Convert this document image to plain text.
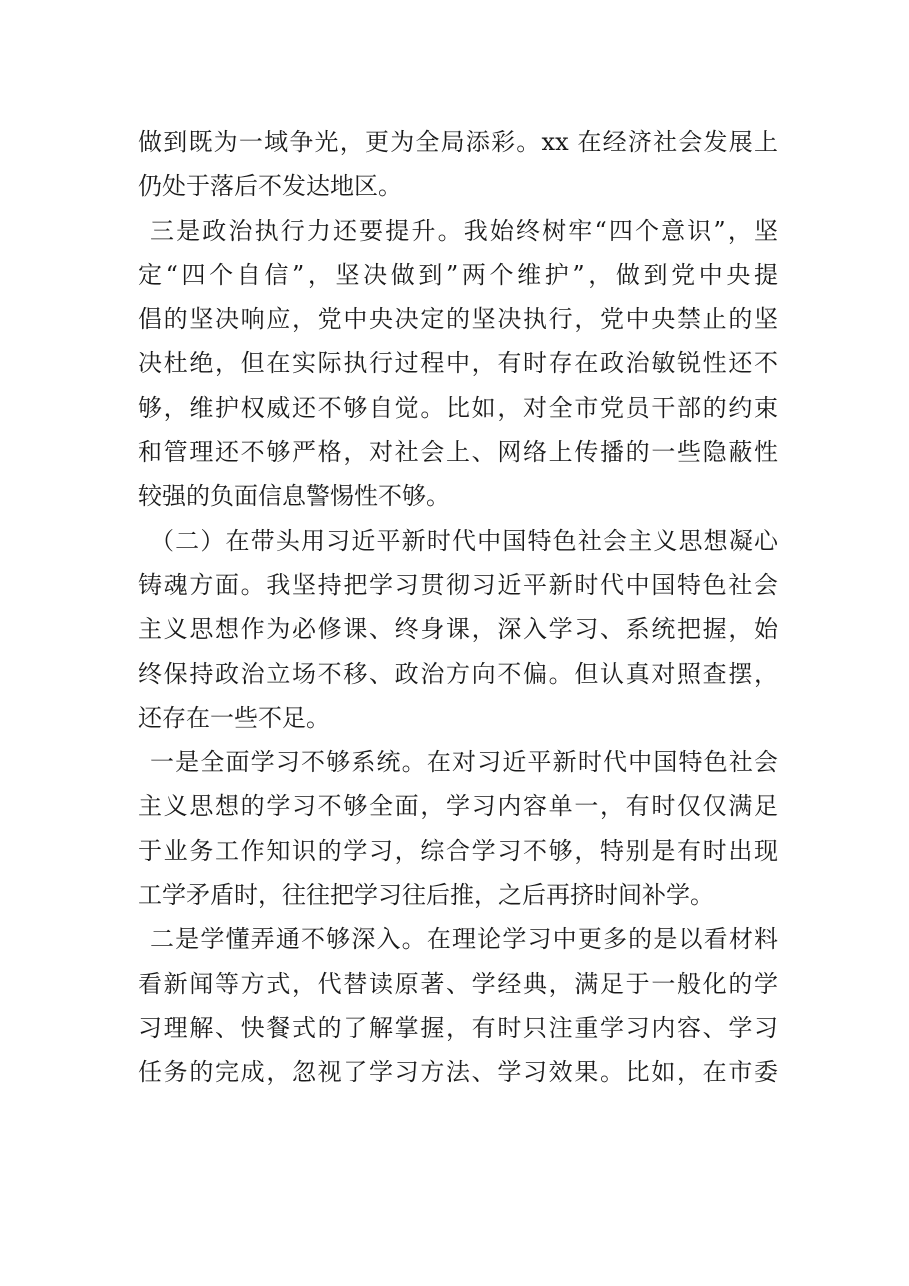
做到既为一域争光，更为全局添彩。xx 在经济社会发展上
仍处于落后不发达地区。
三是政治执行力还要提升。我始终树牢“四个意识”，坚
定“四个自信”，坚决做到”两个维护”，做到党中央提
倡的坚决响应，党中央决定的坚决执行，党中央禁止的坚
决杜绝，但在实际执行过程中，有时存在政治敏锐性还不
够，维护权威还不够自觉。比如，对全市党员干部的约束
和管理还不够严格，对社会上、网络上传播的一些隐蔽性
较强的负面信息警惕性不够。
（二）在带头用习近平新时代中国特色社会主义思想凝心
铸魂方面。我坚持把学习贯彻习近平新时代中国特色社会
主义思想作为必修课、终身课，深入学习、系统把握，始
终保持政治立场不移、政治方向不偏。但认真对照查摆，
还存在一些不足。
一是全面学习不够系统。在对习近平新时代中国特色社会
主义思想的学习不够全面，学习内容单一，有时仅仅满足
于业务工作知识的学习，综合学习不够，特别是有时出现
工学矛盾时，往往把学习往后推，之后再挤时间补学。
二是学懂弄通不够深入。在理论学习中更多的是以看材料
看新闻等方式，代替读原著、学经典，满足于一般化的学
习理解、快餐式的了解掌握，有时只注重学习内容、学习
任务的完成，忽视了学习方法、学习效果。比如，在市委
